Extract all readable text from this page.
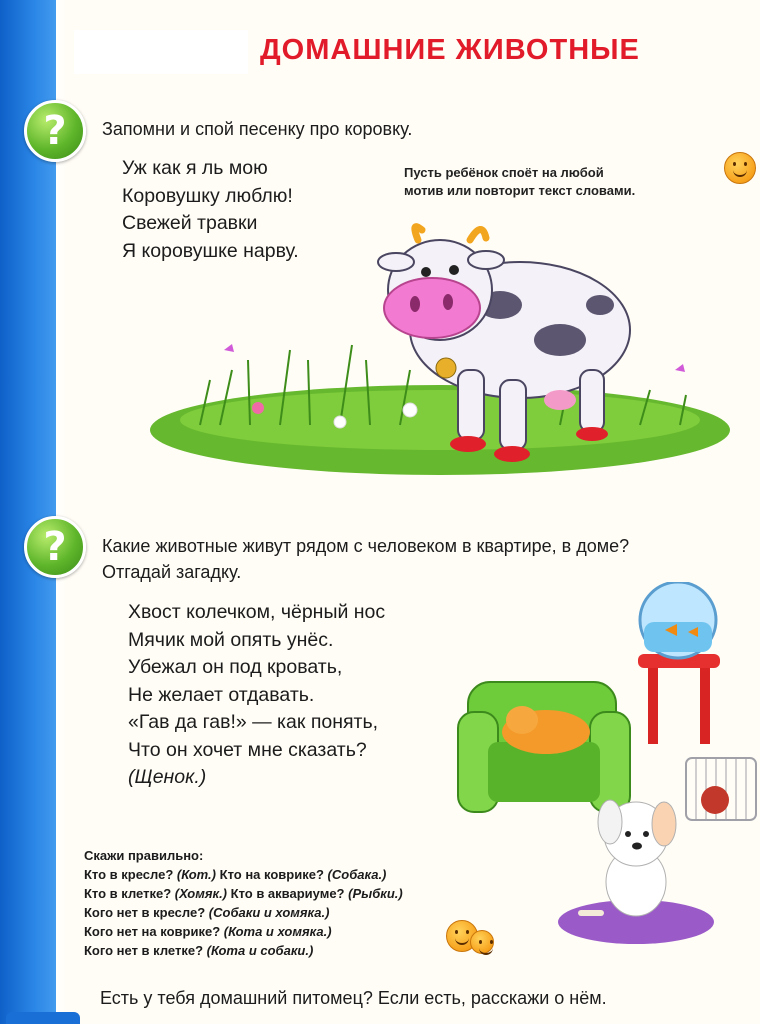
ДОМАШНИЕ ЖИВОТНЫЕ
?	Запомни и спой песенку про коровку.
Уж как я ль мою
Коровушку люблю!
Свежей травки
Я коровушке нарву.
Пусть ребёнок споёт на любой
мотив или повторит текст словами.
?	Какие животные живут рядом с человеком в квартире, в доме?
Отгадай загадку.
Хвост колечком, чёрный нос
Мячик мой опять унёс.
Убежал он под кровать,
Не желает отдавать.
«Гав да гав!» — как понять,
Что он хочет мне сказать?
(Щенок.)
Скажи правильно:
Кто в кресле? (Кот.) Кто на коврике? (Собака.)
Кто в клетке? (Хомяк.) Кто в аквариуме? (Рыбки.)
Кого нет в кресле? (Собаки и хомяка.)
Кого нет на коврике? (Кота и хомяка.)
Кого нет в клетке? (Кота и собаки.)
Есть у тебя домашний питомец? Если есть, расскажи о нём.
